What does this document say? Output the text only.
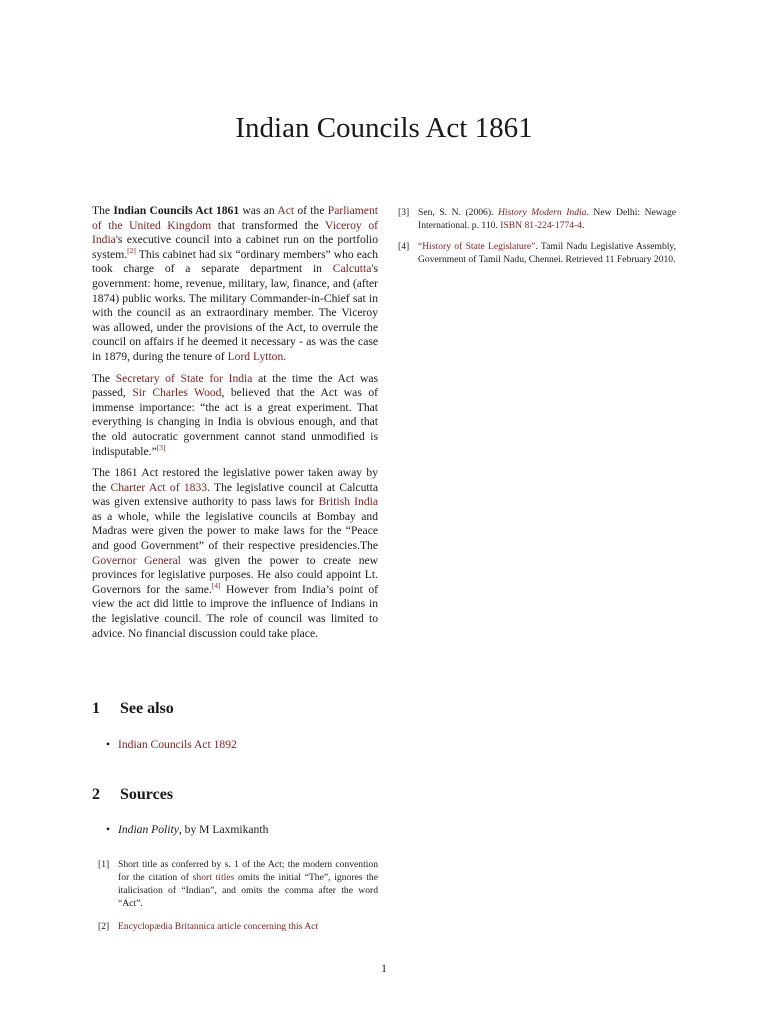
Indian Councils Act 1861

The Indian Councils Act 1861 was an Act of the Parliament of the United Kingdom that transformed the Viceroy of India's executive council into a cabinet run on the portfolio system.[2] This cabinet had six “ordinary members” who each took charge of a separate department in Calcutta's government: home, revenue, military, law, finance, and (after 1874) public works. The military Commander-in-Chief sat in with the council as an extraordinary member. The Viceroy was allowed, under the provisions of the Act, to overrule the council on affairs if he deemed it necessary - as was the case in 1879, during the tenure of Lord Lytton.

The Secretary of State for India at the time the Act was passed, Sir Charles Wood, believed that the Act was of immense importance: “the act is a great experiment. That everything is changing in India is obvious enough, and that the old autocratic government cannot stand unmodified is indisputable.”[3]

The 1861 Act restored the legislative power taken away by the Charter Act of 1833. The legislative council at Calcutta was given extensive authority to pass laws for British India as a whole, while the legislative councils at Bombay and Madras were given the power to make laws for the “Peace and good Government” of their respective presidencies.The Governor General was given the power to create new provinces for legislative purposes. He also could appoint Lt. Governors for the same.[4] However from India’s point of view the act did little to improve the influence of Indians in the legislative council. The role of council was limited to advice. No financial discussion could take place.

1 See also
• Indian Councils Act 1892
2 Sources
• Indian Polity, by M Laxmikanth
[1] Short title as conferred by s. 1 of the Act; the modern convention for the citation of short titles omits the initial “The”, ignores the italicisation of “Indian”, and omits the comma after the word “Act”.
[2] Encyclopædia Britannica article concerning this Act
[3] Sen, S. N. (2006). History Modern India. New Delhi: Newage International. p. 110. ISBN 81-224-1774-4.
[4] “History of State Legislature”. Tamil Nadu Legislative Assembly, Government of Tamil Nadu, Chennei. Retrieved 11 February 2010.
1
